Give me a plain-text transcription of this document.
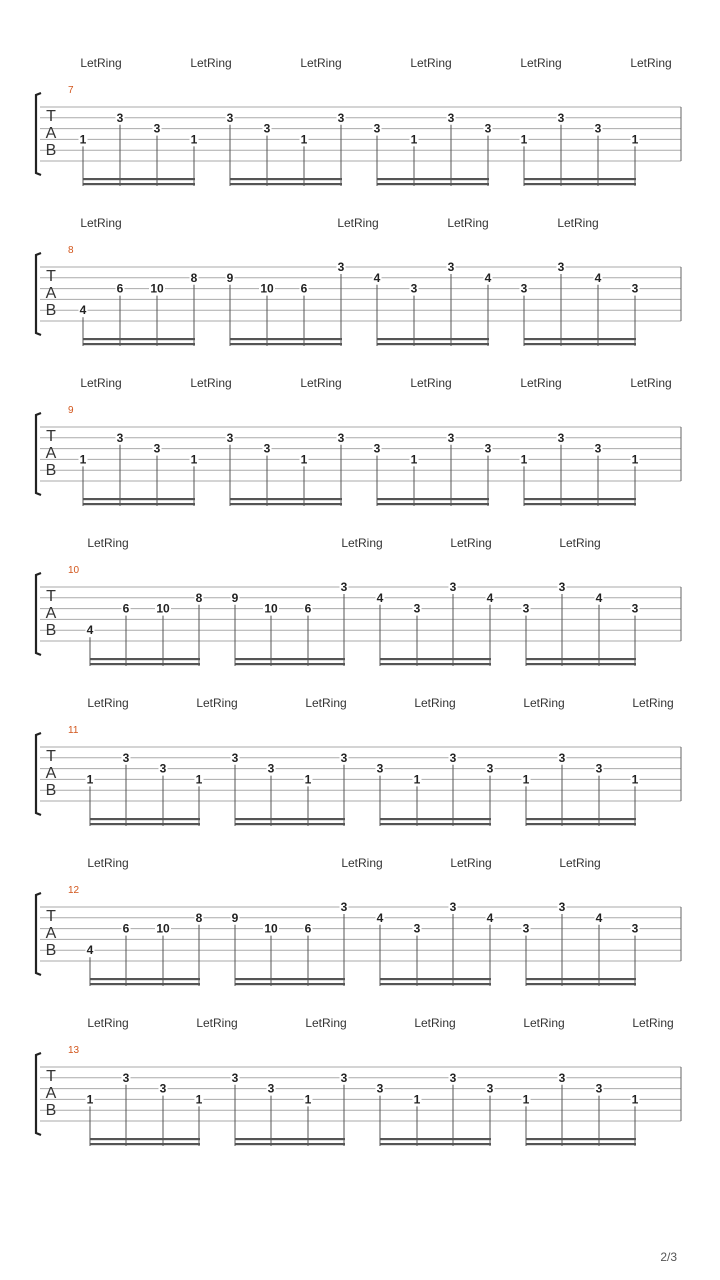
T
A
B
7
LetRing	LetRing	LetRing	LetRing	LetRing	LetRing
1
3
3
1
3
3
1
3
3
1
3
3
1
3
3
1
T
A
B
8
LetRing	LetRing	LetRing	LetRing
4
6 10
8 9
10 6
3
4
3
3
4
3
3
4
3
T
A
B
9
LetRing	LetRing	LetRing	LetRing	LetRing	LetRing
1
3
3
1
3
3
1
3
3
1
3
3
1
3
3
1
T
A
B
10
LetRing	LetRing	LetRing	LetRing
4
6 10
8 9
10 6
3
4
3
3
4
3
3
4
3
T
A
B
11
LetRing	LetRing	LetRing	LetRing	LetRing	LetRing
1
3
3
1
3
3
1
3
3
1
3
3
1
3
3
1
T
A
B
12
LetRing	LetRing	LetRing	LetRing
4
6 10
8 9
10 6
3
4
3
3
4
3
3
4
3
T
A
B
13
LetRing	LetRing	LetRing	LetRing	LetRing	LetRing
1
3
3
1
3
3
1
3
3
1
3
3
1
3
3
1
2/3
